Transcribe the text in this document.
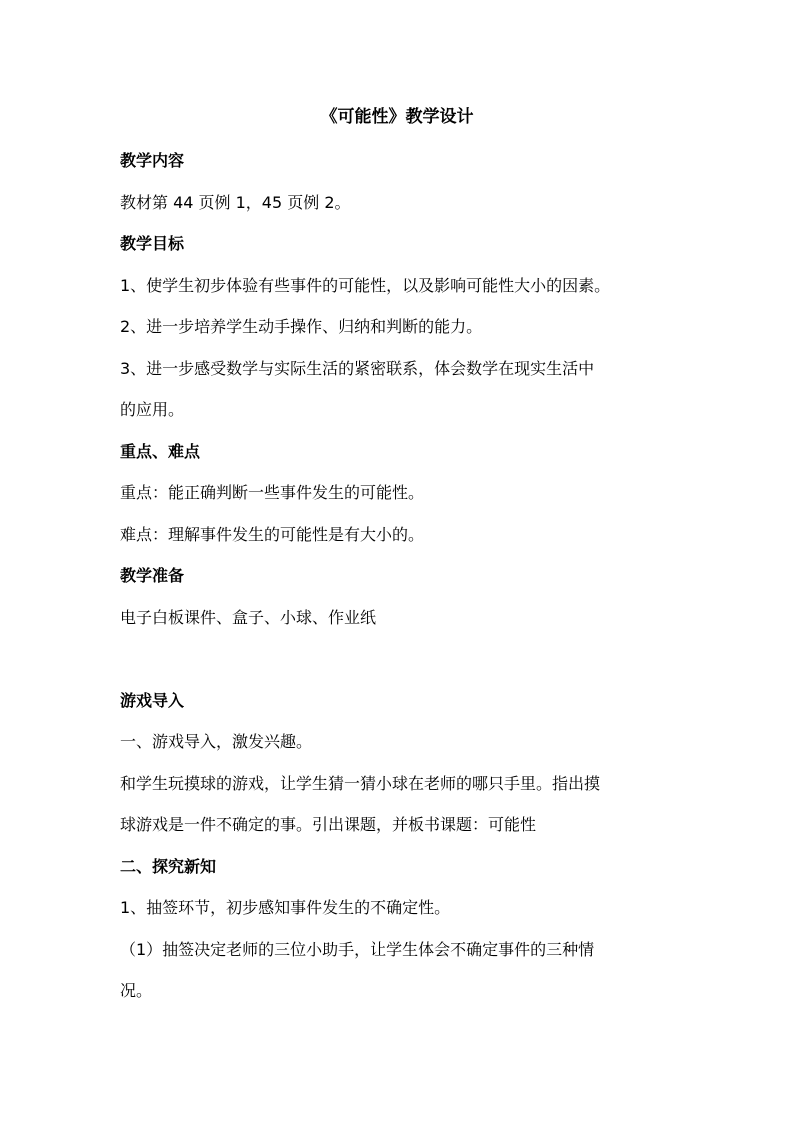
《可能性》教学设计

教学内容

教材第 44 页例 1，45 页例 2。

教学目标

1、使学生初步体验有些事件的可能性，以及影响可能性大小的因素。

2、进一步培养学生动手操作、归纳和判断的能力。

3、进一步感受数学与实际生活的紧密联系，体会数学在现实生活中

的应用。

重点、难点

重点：能正确判断一些事件发生的可能性。

难点：理解事件发生的可能性是有大小的。

教学准备

电子白板课件、盒子、小球、作业纸

游戏导入

一、游戏导入，激发兴趣。

和学生玩摸球的游戏，让学生猜一猜小球在老师的哪只手里。指出摸

球游戏是一件不确定的事。引出课题，并板书课题：可能性

二、探究新知

1、抽签环节，初步感知事件发生的不确定性。

（1）抽签决定老师的三位小助手，让学生体会不确定事件的三种情

况。
